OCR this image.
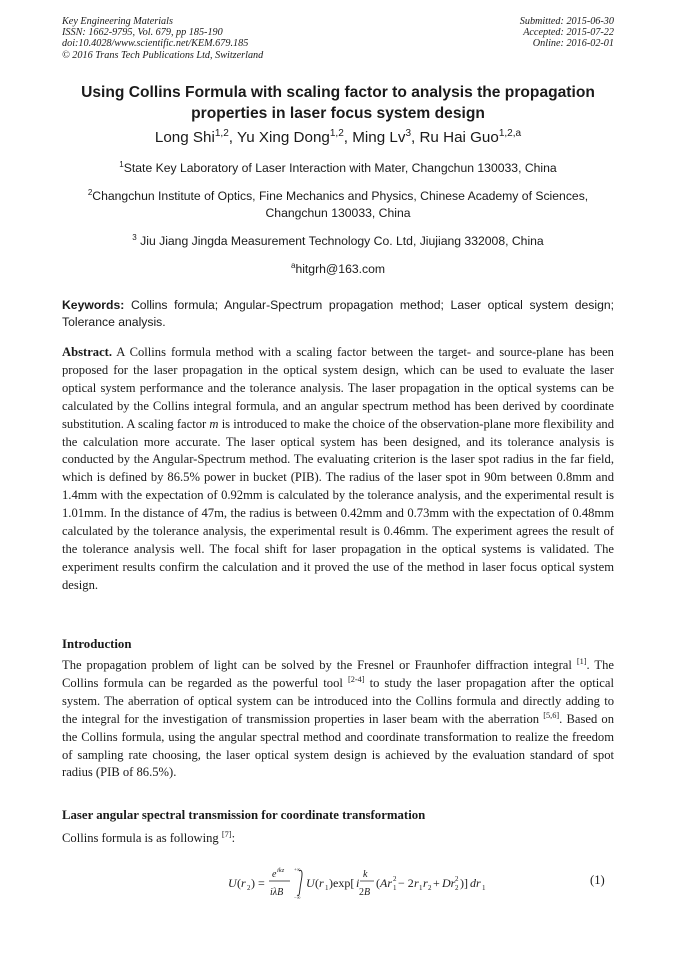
Key Engineering Materials
ISSN: 1662-9795, Vol. 679, pp 185-190
doi:10.4028/www.scientific.net/KEM.679.185
© 2016 Trans Tech Publications Ltd, Switzerland
Submitted: 2015-06-30
Accepted: 2015-07-22
Online: 2016-02-01
Using Collins Formula with scaling factor to analysis the propagation properties in laser focus system design
Long Shi$^{1,2}$, Yu Xing Dong$^{1,2}$, Ming Lv$^3$, Ru Hai Guo$^{1,2,a}$
$^1$State Key Laboratory of Laser Interaction with Mater, Changchun 130033, China
$^2$Changchun Institute of Optics, Fine Mechanics and Physics, Chinese Academy of Sciences, Changchun 130033, China
$^3$ Jiu Jiang Jingda Measurement Technology Co. Ltd, Jiujiang 332008, China
$^a$hitgrh@163.com
Keywords: Collins formula; Angular-Spectrum propagation method; Laser optical system design; Tolerance analysis.
Abstract. A Collins formula method with a scaling factor between the target- and source-plane has been proposed for the laser propagation in the optical system design, which can be used to evaluate the laser optical system performance and the tolerance analysis. The laser propagation in the optical systems can be calculated by the Collins integral formula, and an angular spectrum method has been derived by coordinate substitution. A scaling factor m is introduced to make the choice of the observation-plane more flexibility and the calculation more accurate. The laser optical system has been designed, and its tolerance analysis is conducted by the Angular-Spectrum method. The evaluating criterion is the laser spot radius in the far field, which is defined by 86.5% power in bucket (PIB). The radius of the laser spot in 90m between 0.8mm and 1.4mm with the expectation of 0.92mm is calculated by the tolerance analysis, and the experimental result is 1.01mm. In the distance of 47m, the radius is between 0.42mm and 0.73mm with the expectation of 0.48mm calculated by the tolerance analysis, the experimental result is 0.46mm. The experiment agrees the result of the tolerance analysis well. The focal shift for laser propagation in the optical systems is validated. The experiment results confirm the calculation and it proved the use of the method in laser focus optical system design.
Introduction
The propagation problem of light can be solved by the Fresnel or Fraunhofer diffraction integral [1]. The Collins formula can be regarded as the powerful tool [2-4] to study the laser propagation after the optical system. The aberration of optical system can be introduced into the Collins formula and directly adding to the integral for the investigation of transmission properties in laser beam with the aberration [5,6]. Based on the Collins formula, using the angular spectral method and coordinate transformation to realize the freedom of sampling rate choosing, the laser optical system design is achieved by the evaluation standard of spot radius (PIB of 86.5%).
Laser angular spectral transmission for coordinate transformation
Collins formula is as following [7]:
U ( r 2 ) =
e ikz
iλB
+∞
−∞
U ( r 1 )exp[ i
k
2B
( Ar 1
2 − 2 r 1 r 2 + Dr 2
2 )] dr 1
(1)
